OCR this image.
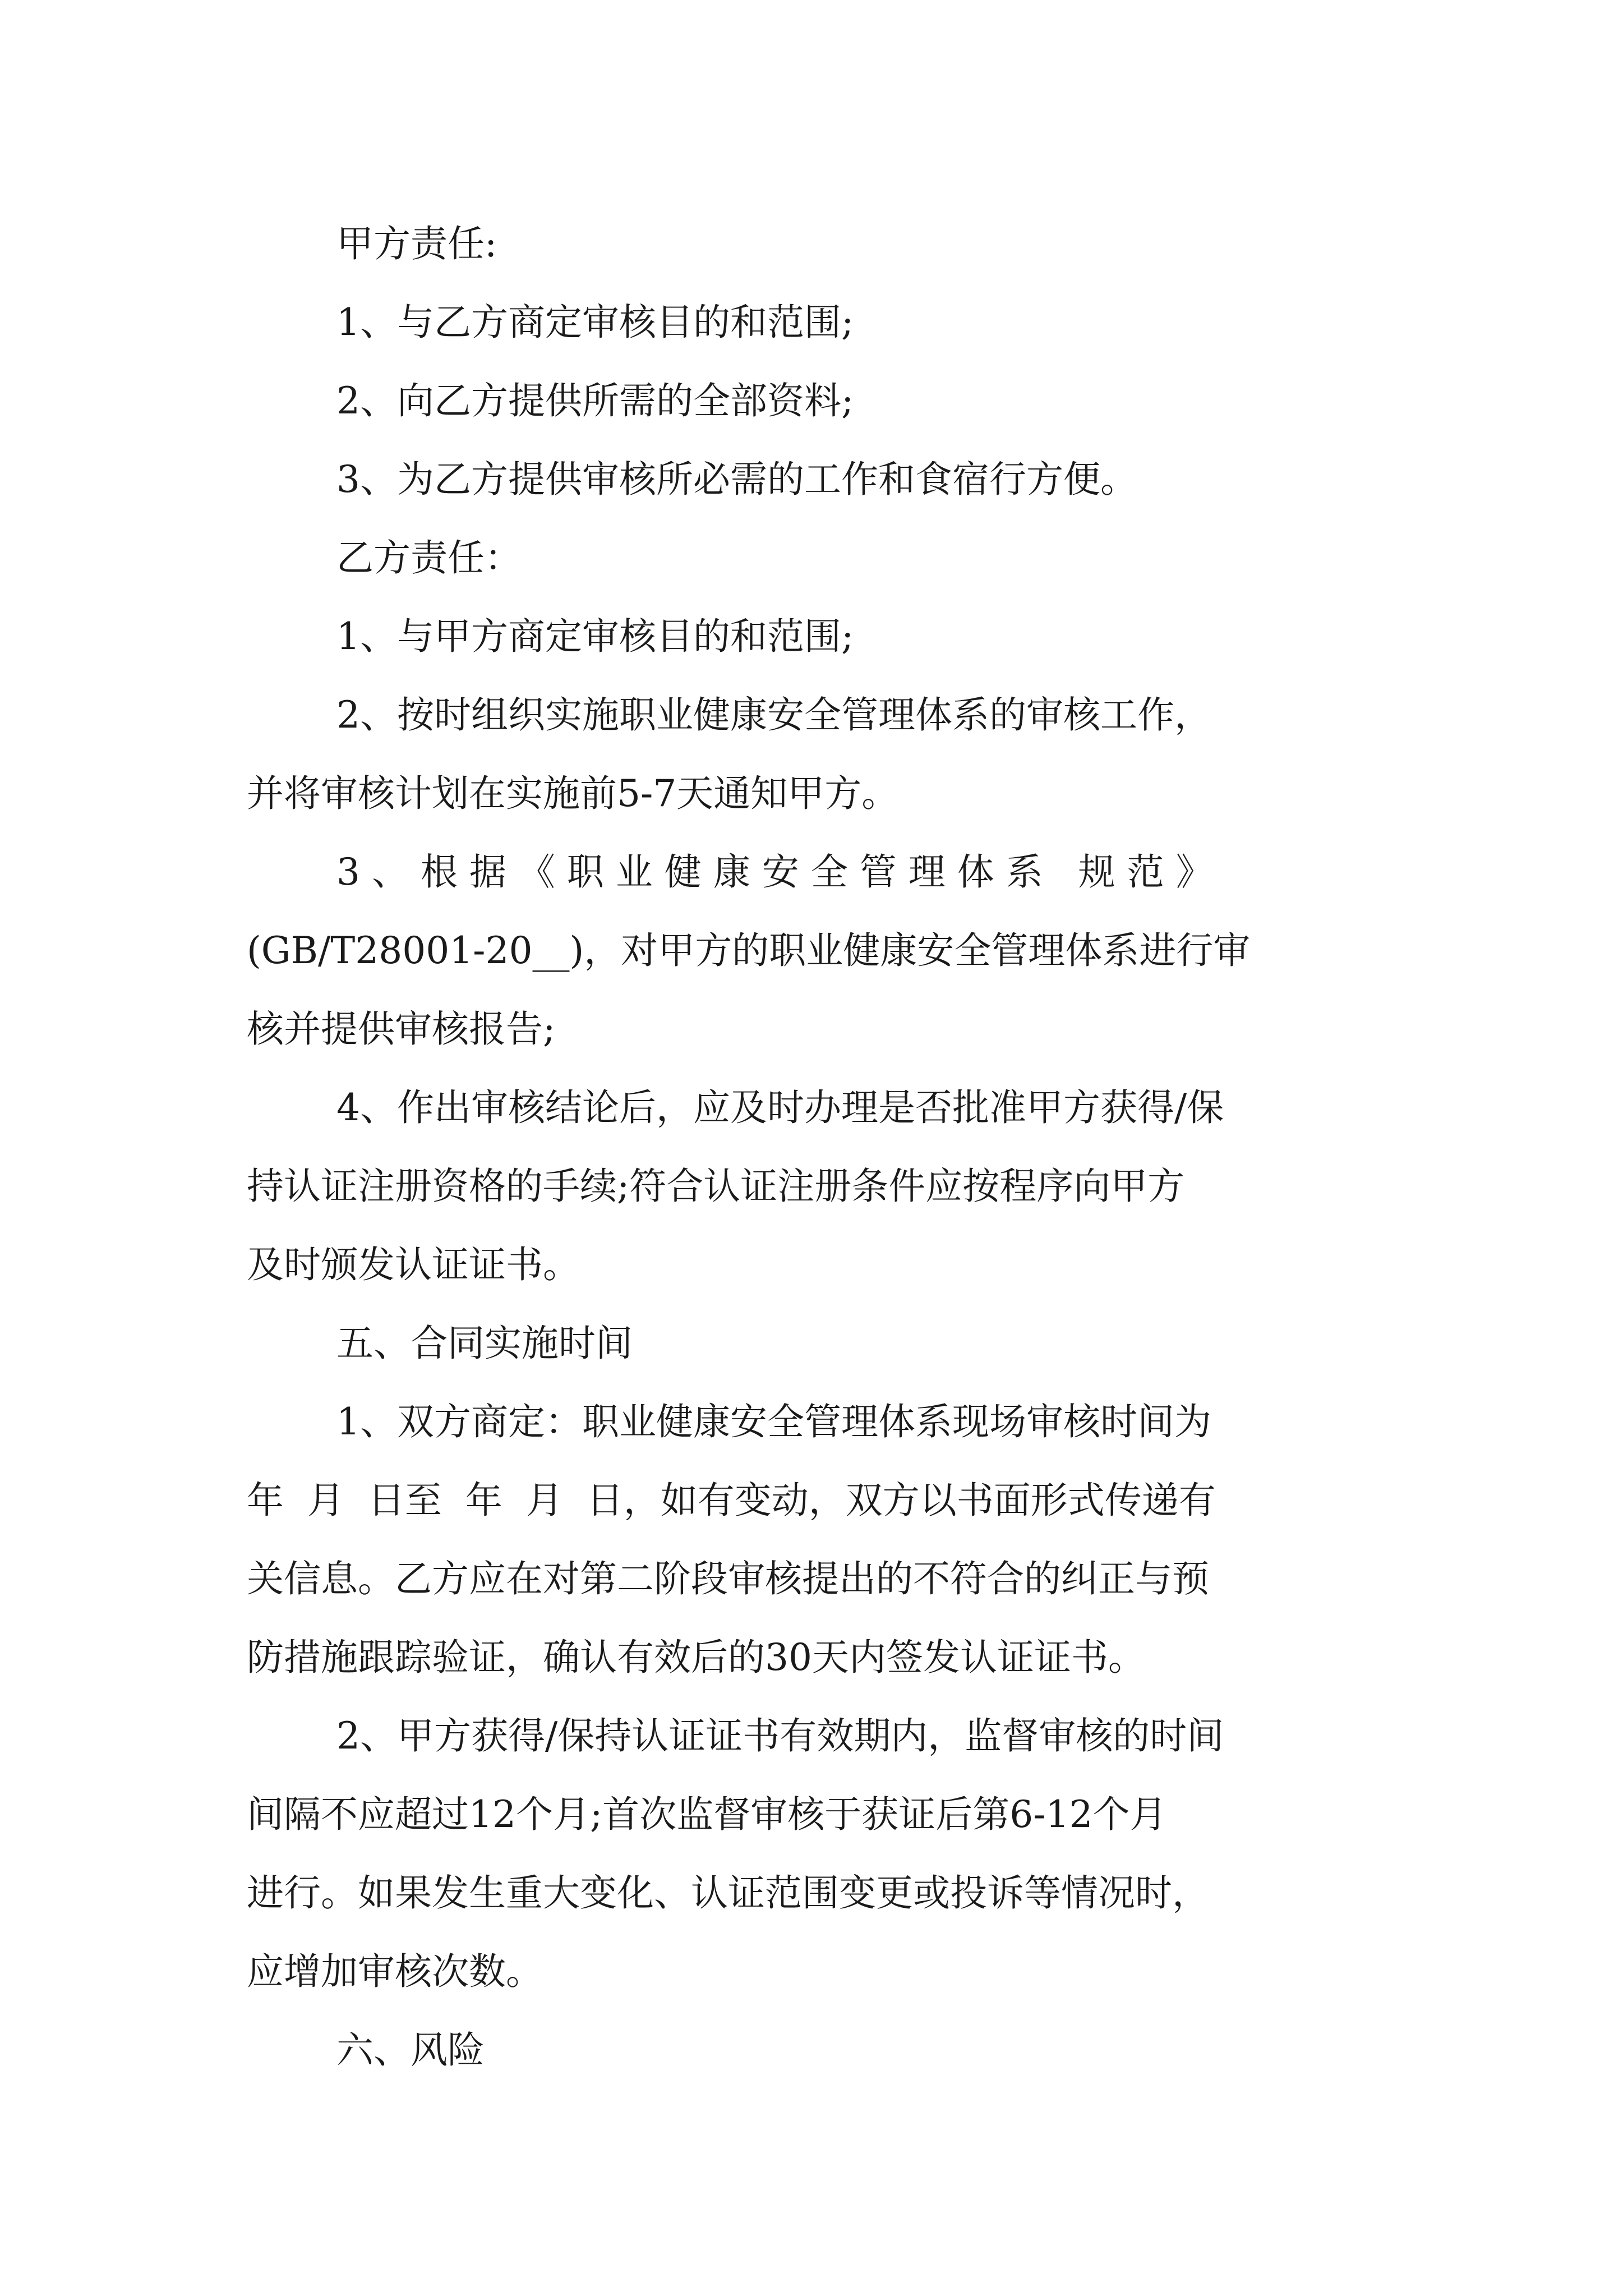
甲方责任:
1、与乙方商定审核目的和范围;
2、向乙方提供所需的全部资料;
3、为乙方提供审核所必需的工作和食宿行方便。
乙方责任：
1、与甲方商定审核目的和范围;
2、按时组织实施职业健康安全管理体系的审核工作，
并将审核计划在实施前5-7天通知甲方。
3 、 根 据 《 职 业 健 康 安 全 管 理 体 系   规 范 》
(GB/T28001-20__)，对甲方的职业健康安全管理体系进行审
核并提供审核报告;
4、作出审核结论后，应及时办理是否批准甲方获得/保
持认证注册资格的手续;符合认证注册条件应按程序向甲方
及时颁发认证证书。
五、合同实施时间
1、双方商定：职业健康安全管理体系现场审核时间为
年  月  日至  年  月  日，如有变动，双方以书面形式传递有
关信息。乙方应在对第二阶段审核提出的不符合的纠正与预
防措施跟踪验证，确认有效后的30天内签发认证证书。
2、甲方获得/保持认证证书有效期内，监督审核的时间
间隔不应超过12个月;首次监督审核于获证后第6-12个月
进行。如果发生重大变化、认证范围变更或投诉等情况时，
应增加审核次数。
六、风险
